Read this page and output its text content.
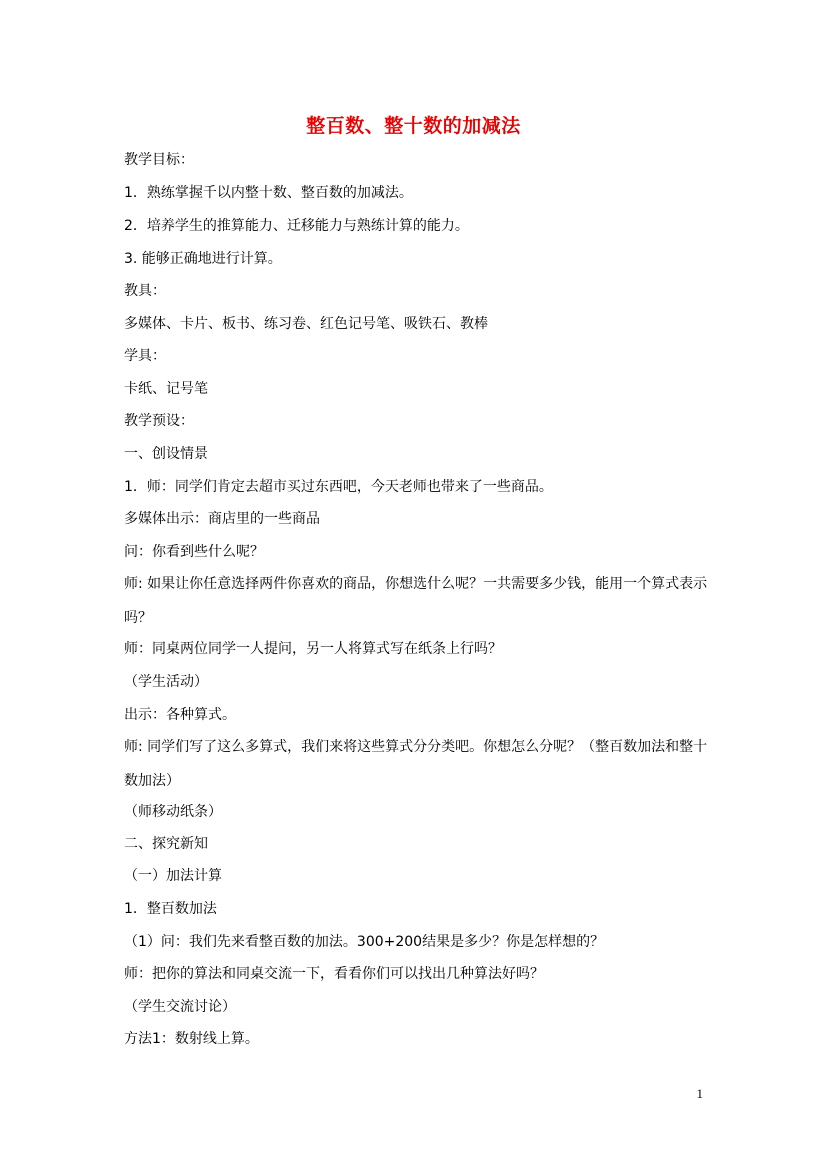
整百数、整十数的加减法
教学目标：
1．熟练掌握千以内整十数、整百数的加减法。
2．培养学生的推算能力、迁移能力与熟练计算的能力。
3. 能够正确地进行计算。
教具：
多媒体、卡片、板书、练习卷、红色记号笔、吸铁石、教棒
学具：
卡纸、记号笔
教学预设：
一、创设情景
1．师：同学们肯定去超市买过东西吧，今天老师也带来了一些商品。
多媒体出示：商店里的一些商品
问：你看到些什么呢？
师: 如果让你任意选择两件你喜欢的商品，你想选什么呢？一共需要多少钱，能用一个算式表示吗？
师：同桌两位同学一人提问，另一人将算式写在纸条上行吗？
（学生活动）
出示：各种算式。
师: 同学们写了这么多算式，我们来将这些算式分分类吧。你想怎么分呢？（整百数加法和整十数加法）
（师移动纸条）
二、探究新知
（一）加法计算
1．整百数加法
（1）问：我们先来看整百数的加法。300+200结果是多少？你是怎样想的？
师：把你的算法和同桌交流一下，看看你们可以找出几种算法好吗？
（学生交流讨论）
方法1：数射线上算。
1
